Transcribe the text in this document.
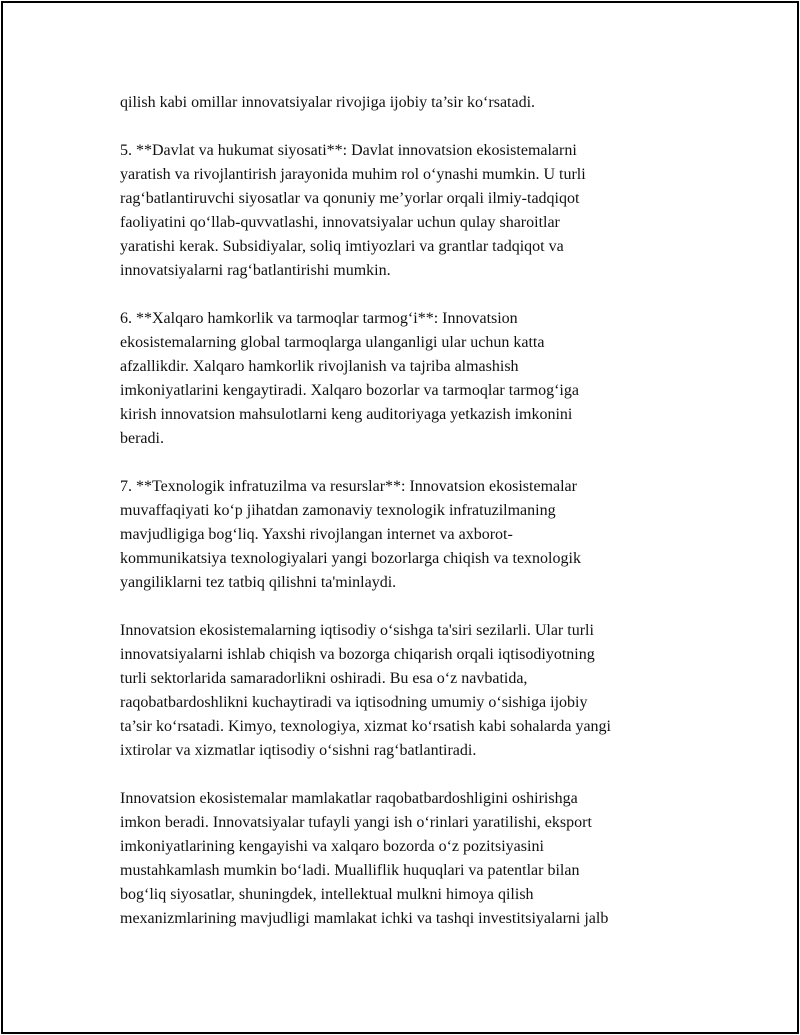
qilish kabi omillar innovatsiyalar rivojiga ijobiy ta’sir ko‘rsatadi.

5. **Davlat va hukumat siyosati**: Davlat innovatsion ekosistemalarni
yaratish va rivojlantirish jarayonida muhim rol o‘ynashi mumkin. U turli
rag‘batlantiruvchi siyosatlar va qonuniy me’yorlar orqali ilmiy-tadqiqot
faoliyatini qo‘llab-quvvatlashi, innovatsiyalar uchun qulay sharoitlar
yaratishi kerak. Subsidiyalar, soliq imtiyozlari va grantlar tadqiqot va
innovatsiyalarni rag‘batlantirishi mumkin.

6. **Xalqaro hamkorlik va tarmoqlar tarmog‘i**: Innovatsion
ekosistemalarning global tarmoqlarga ulanganligi ular uchun katta
afzallikdir. Xalqaro hamkorlik rivojlanish va tajriba almashish
imkoniyatlarini kengaytiradi. Xalqaro bozorlar va tarmoqlar tarmog‘iga
kirish innovatsion mahsulotlarni keng auditoriyaga yetkazish imkonini
beradi.

7. **Texnologik infratuzilma va resurslar**: Innovatsion ekosistemalar
muvaffaqiyati ko‘p jihatdan zamonaviy texnologik infratuzilmaning
mavjudligiga bog‘liq. Yaxshi rivojlangan internet va axborot-
kommunikatsiya texnologiyalari yangi bozorlarga chiqish va texnologik
yangiliklarni tez tatbiq qilishni ta'minlaydi.

Innovatsion ekosistemalarning iqtisodiy o‘sishga ta'siri sezilarli. Ular turli
innovatsiyalarni ishlab chiqish va bozorga chiqarish orqali iqtisodiyotning
turli sektorlarida samaradorlikni oshiradi. Bu esa o‘z navbatida,
raqobatbardoshlikni kuchaytiradi va iqtisodning umumiy o‘sishiga ijobiy
ta’sir ko‘rsatadi. Kimyo, texnologiya, xizmat ko‘rsatish kabi sohalarda yangi
ixtirolar va xizmatlar iqtisodiy o‘sishni rag‘batlantiradi.

Innovatsion ekosistemalar mamlakatlar raqobatbardoshligini oshirishga
imkon beradi. Innovatsiyalar tufayli yangi ish o‘rinlari yaratilishi, eksport
imkoniyatlarining kengayishi va xalqaro bozorda o‘z pozitsiyasini
mustahkamlash mumkin bo‘ladi. Mualliflik huquqlari va patentlar bilan
bog‘liq siyosatlar, shuningdek, intellektual mulkni himoya qilish
mexanizmlarining mavjudligi mamlakat ichki va tashqi investitsiyalarni jalb
